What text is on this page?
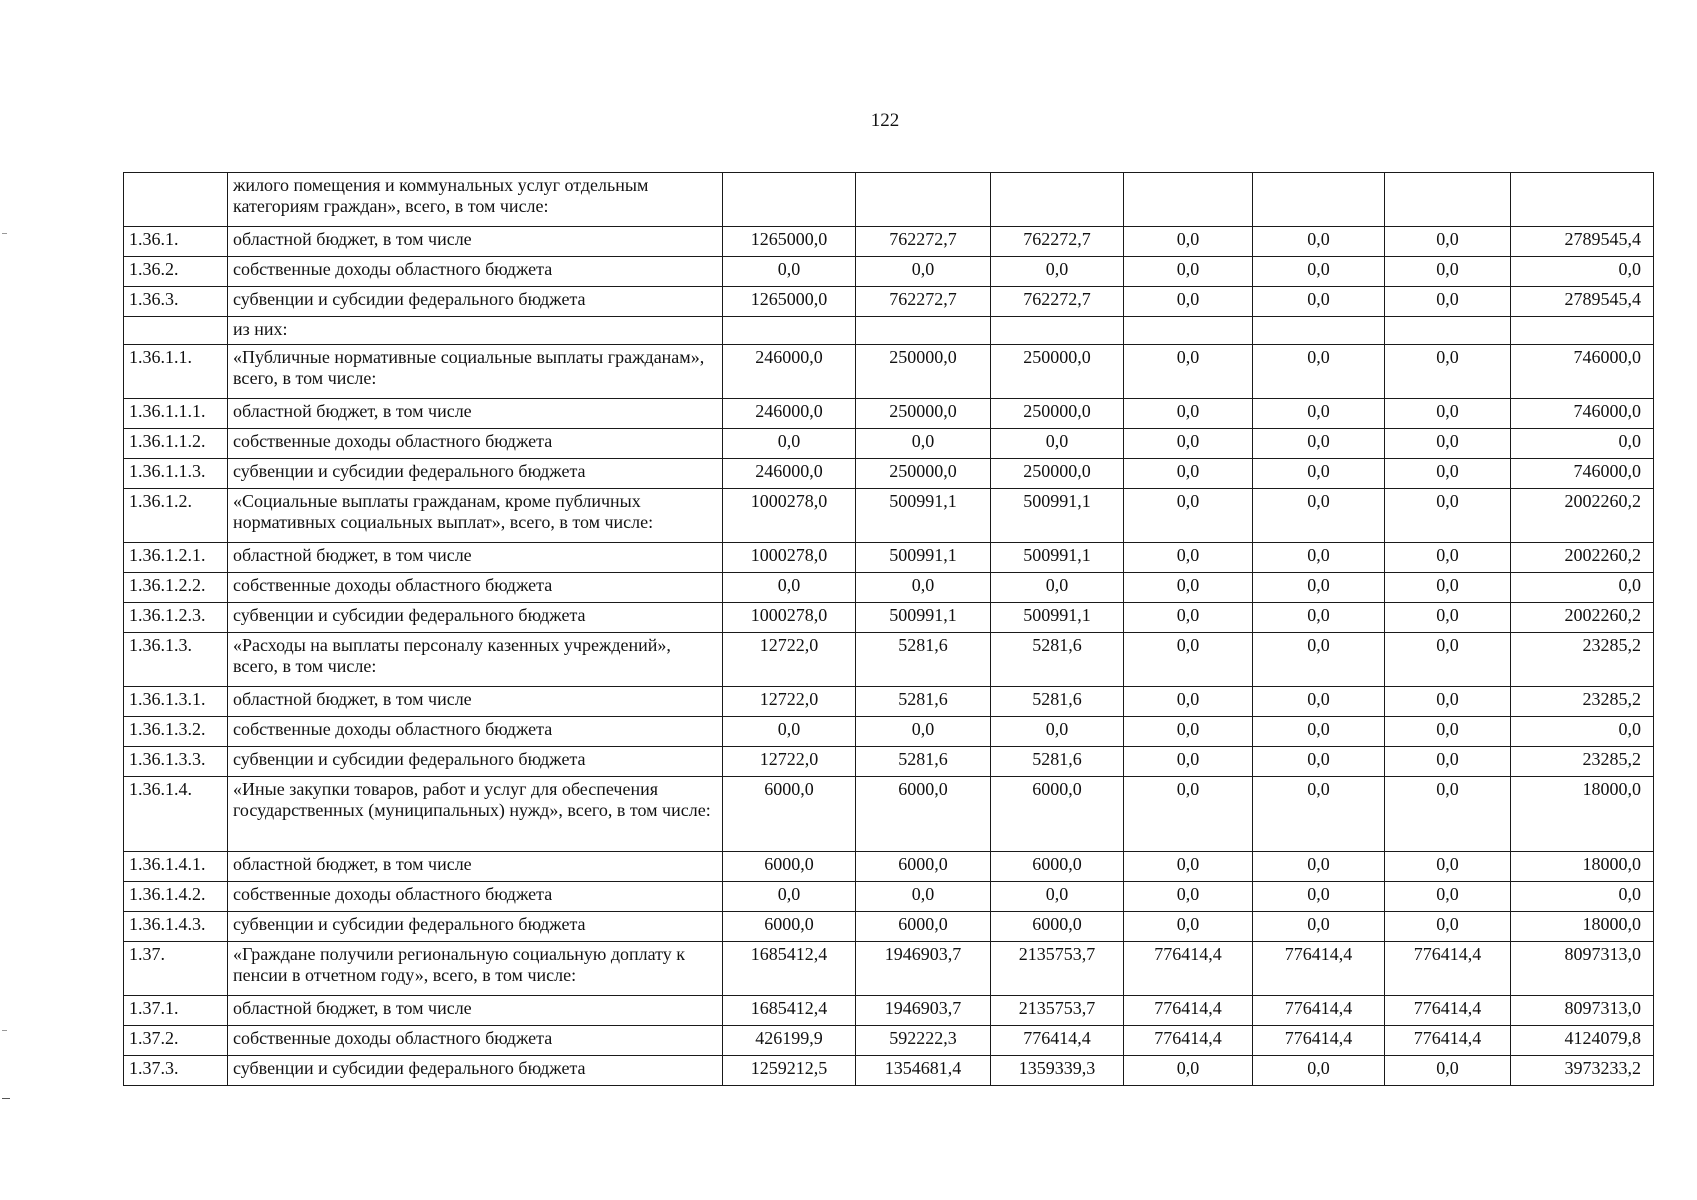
122
	жилого помещения и коммунальных услуг отдельным категориям граждан», всего, в том числе:							
1.36.1.	областной бюджет, в том числе	1265000,0	762272,7	762272,7	0,0	0,0	0,0	2789545,4
1.36.2.	собственные доходы областного бюджета	0,0	0,0	0,0	0,0	0,0	0,0	0,0
1.36.3.	субвенции и субсидии федерального бюджета	1265000,0	762272,7	762272,7	0,0	0,0	0,0	2789545,4
	из них:							
1.36.1.1.	«Публичные нормативные социальные выплаты гражданам», всего, в том числе:	246000,0	250000,0	250000,0	0,0	0,0	0,0	746000,0
1.36.1.1.1.	областной бюджет, в том числе	246000,0	250000,0	250000,0	0,0	0,0	0,0	746000,0
1.36.1.1.2.	собственные доходы областного бюджета	0,0	0,0	0,0	0,0	0,0	0,0	0,0
1.36.1.1.3.	субвенции и субсидии федерального бюджета	246000,0	250000,0	250000,0	0,0	0,0	0,0	746000,0
1.36.1.2.	«Социальные выплаты гражданам, кроме публичных нормативных социальных выплат», всего, в том числе:	1000278,0	500991,1	500991,1	0,0	0,0	0,0	2002260,2
1.36.1.2.1.	областной бюджет, в том числе	1000278,0	500991,1	500991,1	0,0	0,0	0,0	2002260,2
1.36.1.2.2.	собственные доходы областного бюджета	0,0	0,0	0,0	0,0	0,0	0,0	0,0
1.36.1.2.3.	субвенции и субсидии федерального бюджета	1000278,0	500991,1	500991,1	0,0	0,0	0,0	2002260,2
1.36.1.3.	«Расходы на выплаты персоналу казенных учреждений», всего, в том числе:	12722,0	5281,6	5281,6	0,0	0,0	0,0	23285,2
1.36.1.3.1.	областной бюджет, в том числе	12722,0	5281,6	5281,6	0,0	0,0	0,0	23285,2
1.36.1.3.2.	собственные доходы областного бюджета	0,0	0,0	0,0	0,0	0,0	0,0	0,0
1.36.1.3.3.	субвенции и субсидии федерального бюджета	12722,0	5281,6	5281,6	0,0	0,0	0,0	23285,2
1.36.1.4.	«Иные закупки товаров, работ и услуг для обеспечения государственных (муниципальных) нужд», всего, в том числе:	6000,0	6000,0	6000,0	0,0	0,0	0,0	18000,0
1.36.1.4.1.	областной бюджет, в том числе	6000,0	6000,0	6000,0	0,0	0,0	0,0	18000,0
1.36.1.4.2.	собственные доходы областного бюджета	0,0	0,0	0,0	0,0	0,0	0,0	0,0
1.36.1.4.3.	субвенции и субсидии федерального бюджета	6000,0	6000,0	6000,0	0,0	0,0	0,0	18000,0
1.37.	«Граждане получили региональную социальную доплату к пенсии в отчетном году», всего, в том числе:	1685412,4	1946903,7	2135753,7	776414,4	776414,4	776414,4	8097313,0
1.37.1.	областной бюджет, в том числе	1685412,4	1946903,7	2135753,7	776414,4	776414,4	776414,4	8097313,0
1.37.2.	собственные доходы областного бюджета	426199,9	592222,3	776414,4	776414,4	776414,4	776414,4	4124079,8
1.37.3.	субвенции и субсидии федерального бюджета	1259212,5	1354681,4	1359339,3	0,0	0,0	0,0	3973233,2
